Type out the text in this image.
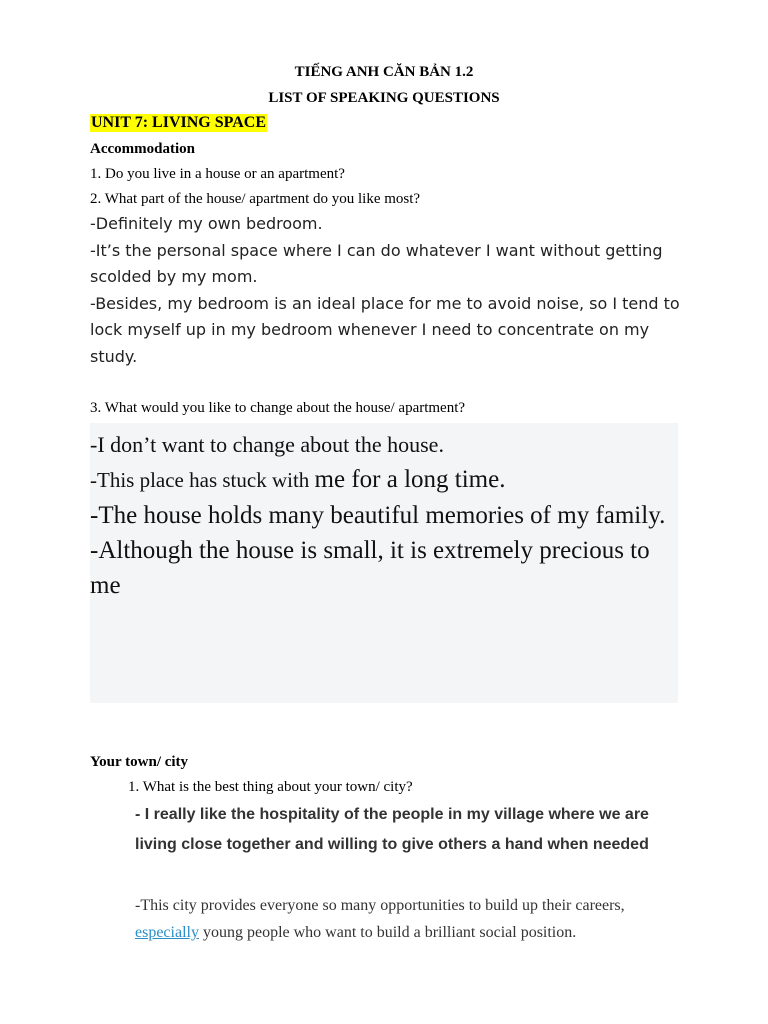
TIẾNG ANH CĂN BẢN 1.2
LIST OF SPEAKING QUESTIONS
UNIT 7: LIVING SPACE
Accommodation
1. Do you live in a house or an apartment?
2. What part of the house/ apartment do you like most?
-Definitely my own bedroom.
-It’s the personal space where I can do whatever I want without getting scolded by my mom.
-Besides, my bedroom is an ideal place for me to avoid noise, so I tend to lock myself up in my bedroom whenever I need to concentrate on my study.
3. What would you like to change about the house/ apartment?
-I don’t want to change about the house.
-This place has stuck with me for a long time.
-The house holds many beautiful memories of my family.
-Although the house is small, it is extremely precious to me
Your town/ city
1. What is the best thing about your town/ city?
- I really like the hospitality of the people in my village where we are living close together and willing to give others a hand when needed
-This city provides everyone so many opportunities to build up their careers, especially young people who want to build a brilliant social position.
